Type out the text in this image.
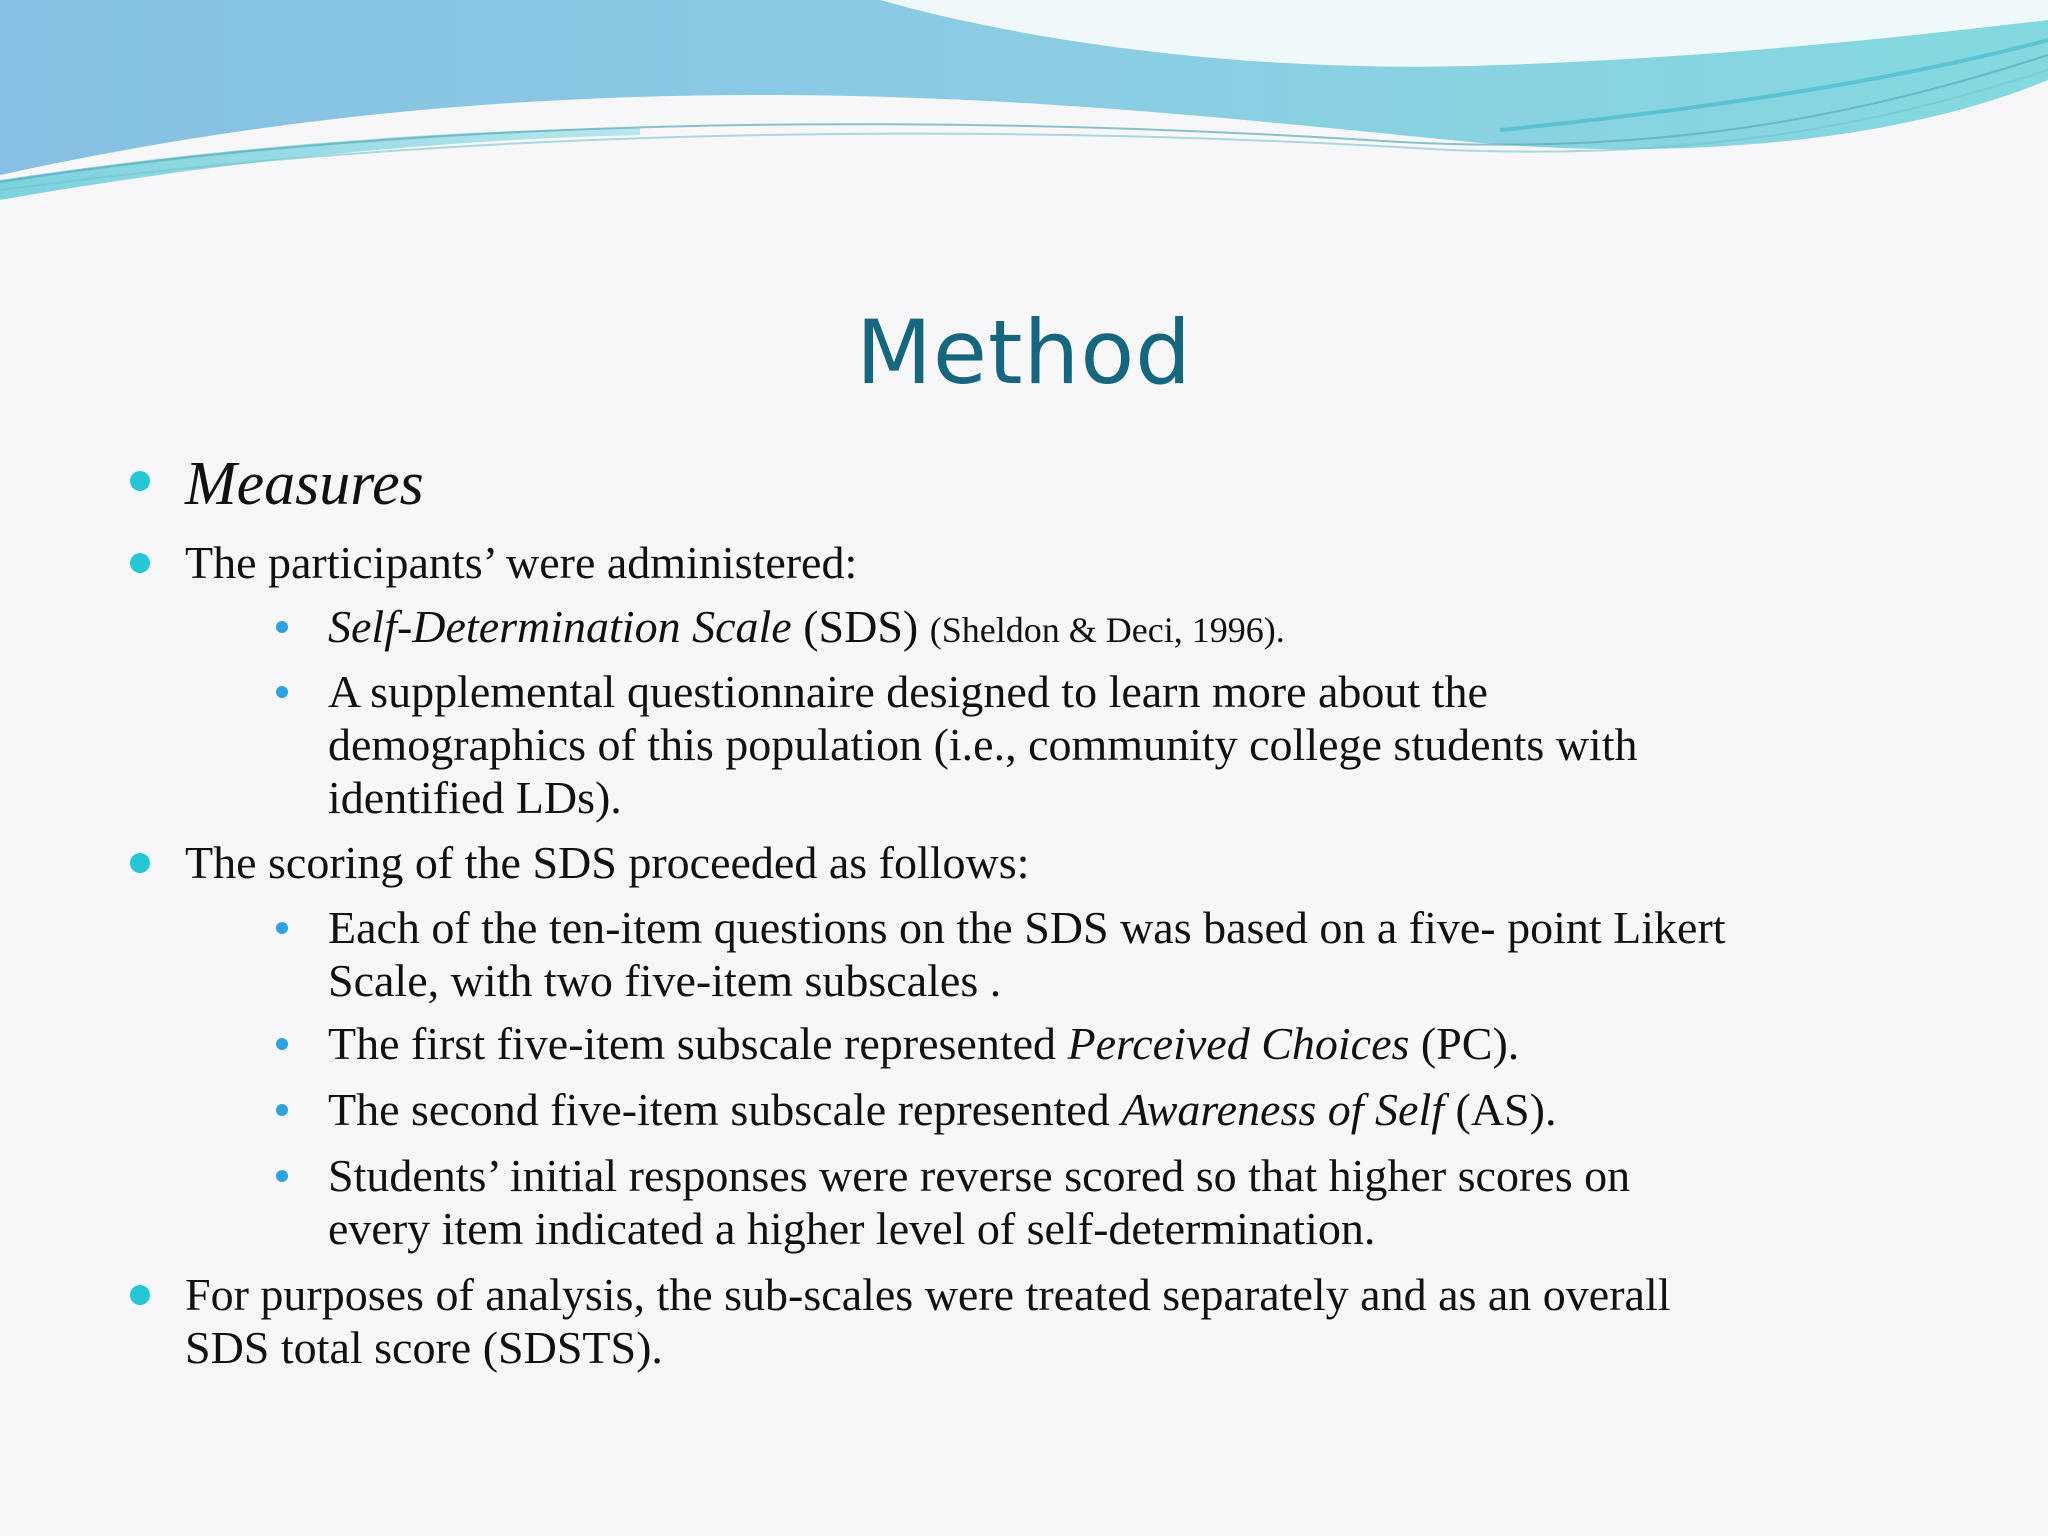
Method
Measures
The participants’ were administered:
Self-Determination Scale (SDS) (Sheldon & Deci, 1996).
A supplemental questionnaire designed to learn more about the
demographics of this population (i.e., community college students with
identified LDs).
The scoring of the SDS proceeded as follows:
Each of the ten-item questions on the SDS was based on a five- point Likert
Scale, with two five-item subscales .
The first five-item subscale represented Perceived Choices (PC).
The second five-item subscale represented Awareness of Self (AS).
Students’ initial responses were reverse scored so that higher scores on
every item indicated a higher level of self-determination.
For purposes of analysis, the sub-scales were treated separately and as an overall
SDS total score (SDSTS).
